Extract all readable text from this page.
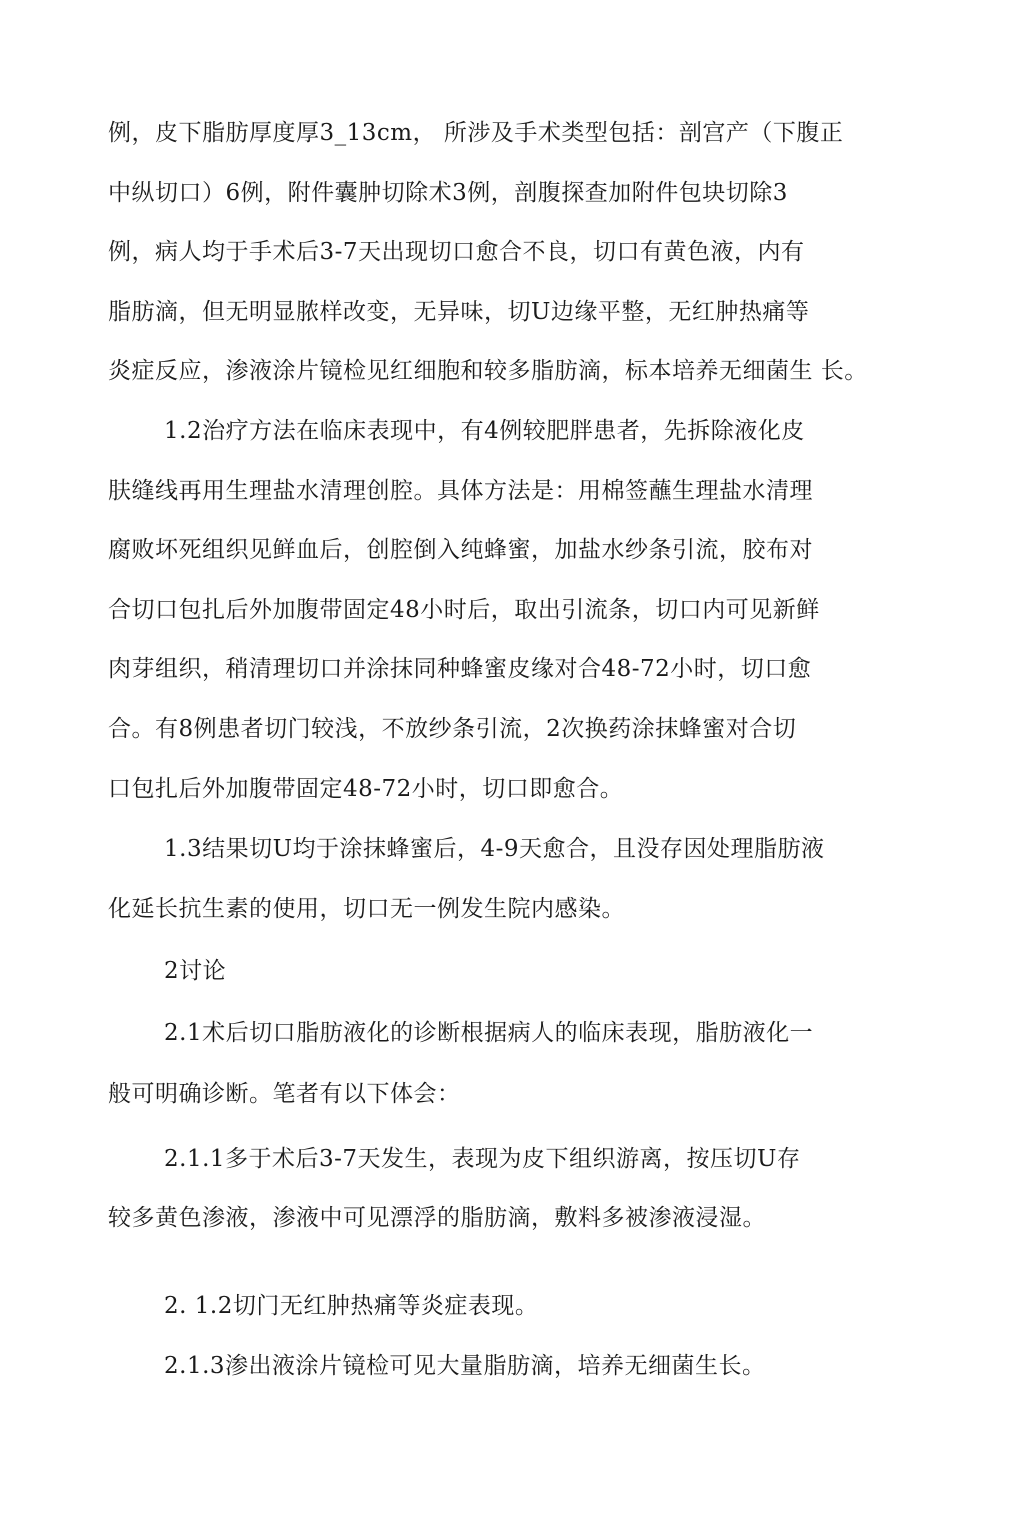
例，皮下脂肪厚度厚3_13cm， 所涉及手术类型包括：剖宫产（下腹正
中纵切口）6例，附件囊肿切除术3例，剖腹探查加附件包块切除3
例，病人均于手术后3-7天出现切口愈合不良，切口有黄色液，内有
脂肪滴，但无明显脓样改变，无异味，切U边缘平整，无红肿热痛等
炎症反应，渗液涂片镜检见红细胞和较多脂肪滴，标本培养无细菌生 长。
1.2治疗方法在临床表现中，有4例较肥胖患者，先拆除液化皮
肤缝线再用生理盐水清理创腔。具体方法是：用棉签蘸生理盐水清理
腐败坏死组织见鲜血后，创腔倒入纯蜂蜜，加盐水纱条引流，胶布对
合切口包扎后外加腹带固定48小时后，取出引流条，切口内可见新鲜
肉芽组织，稍清理切口并涂抹同种蜂蜜皮缘对合48-72小时，切口愈
合。有8例患者切门较浅，不放纱条引流，2次换药涂抹蜂蜜对合切
口包扎后外加腹带固定48-72小时，切口即愈合。
1.3结果切U均于涂抹蜂蜜后，4-9天愈合，且没存因处理脂肪液
化延长抗生素的使用，切口无一例发生院内感染。
2讨论
2.1术后切口脂肪液化的诊断根据病人的临床表现，脂肪液化一
般可明确诊断。笔者有以下体会：
2.1.1多于术后3-7天发生，表现为皮下组织游离，按压切U存
较多黄色渗液，渗液中可见漂浮的脂肪滴，敷料多被渗液浸湿。
2. 1.2切门无红肿热痛等炎症表现。
2.1.3渗出液涂片镜检可见大量脂肪滴，培养无细菌生长。
